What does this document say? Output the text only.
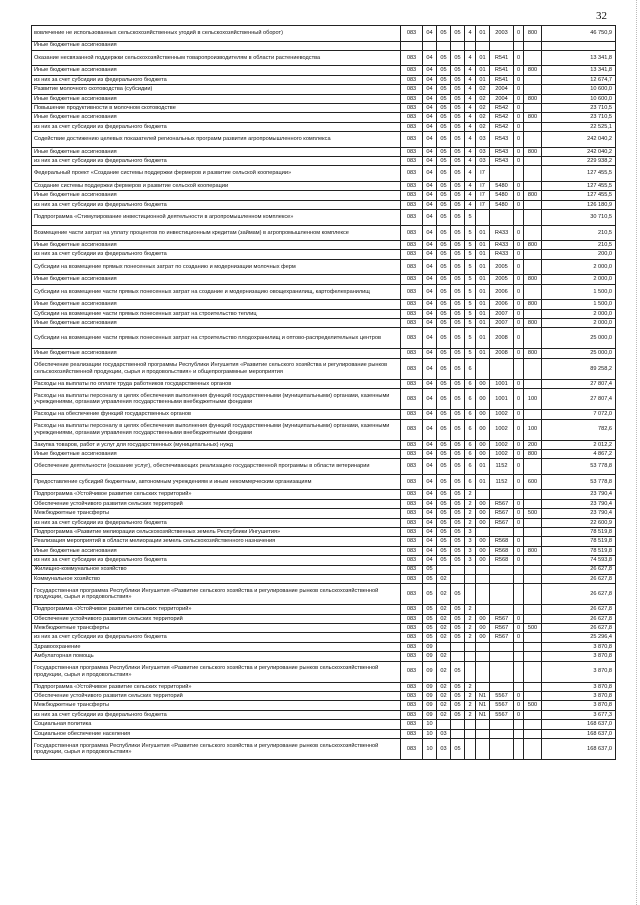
32
вовлечение не использованных сельскохозяйственных угодий в сельскохозяйственный оборот)	083	04	05	05	4	01	2003	0	800	46 750,9
Иные бюджетные ассигнования										
Оказание несвязанной поддержки сельскохозяйственным товаропроизводителям в области растениеводства	083	04	05	05	4	01	R541	0		13 341,8
Иные бюджетные ассигнования	083	04	05	05	4	01	R541	0	800	13 341,8
из них за счет субсидии из федерального бюджета	083	04	05	05	4	01	R541	0		12 674,7
Развитие молочного скотоводства (субсидии)	083	04	05	05	4	02	2004	0		10 600,0
Иные бюджетные ассигнования	083	04	05	05	4	02	2004	0	800	10 600,0
Повышение продуктивности в молочном скотоводстве	083	04	05	05	4	02	R542	0		23 710,5
Иные бюджетные ассигнования	083	04	05	05	4	02	R542	0	800	23 710,5
из них за счет субсидии из федерального бюджета	083	04	05	05	4	02	R542	0		22 525,1
Содействие достижению целевых показателей региональных программ развития агропромышленного комплекса	083	04	05	05	4	03	R543	0		242 040,2
Иные бюджетные ассигнования	083	04	05	05	4	03	R543	0	800	242 040,2
из них за счет субсидии из федерального бюджета	083	04	05	05	4	03	R543	0		229 938,2
Федеральный проект «Создание системы поддержки фермеров и развитие сельской кооперации»	083	04	05	05	4	I7				127 455,5
Создание системы поддержки фермеров и развитие сельской кооперации	083	04	05	05	4	I7	5480	0		127 455,5
Иные бюджетные ассигнования	083	04	05	05	4	I7	5480	0	800	127 455,5
из них за счет субсидии из федерального бюджета	083	04	05	05	4	I7	5480	0		126 180,9
Подпрограмма «Стимулирование инвестиционной деятельности в агропромышленном комплексе»	083	04	05	05	5					30 710,5
Возмещение части затрат на уплату процентов по инвестиционным кредитам (займам) в агропромышленном комплексе	083	04	05	05	5	01	R433	0		210,5
Иные бюджетные ассигнования	083	04	05	05	5	01	R433	0	800	210,5
из них за счет субсидии из федерального бюджета	083	04	05	05	5	01	R433	0		200,0
Субсидии на возмещение прямых понесенных затрат по созданию и модернизации молочных ферм	083	04	05	05	5	01	2005	0		2 000,0
Иные бюджетные ассигнования	083	04	05	05	5	01	2005	0	800	2 000,0
Субсидии на возмещение части прямых понесенных затрат на создание и модернизацию овощехранилищ, картофелехранилищ	083	04	05	05	5	01	2006	0		1 500,0
Иные бюджетные ассигнования	083	04	05	05	5	01	2006	0	800	1 500,0
Субсидии на возмещение части прямых понесенных затрат на строительство теплиц	083	04	05	05	5	01	2007	0		2 000,0
Иные бюджетные ассигнования	083	04	05	05	5	01	2007	0	800	2 000,0
Субсидии на возмещение части прямых понесенных затрат на строительство плодохранилищ и оптово-распределительных центров	083	04	05	05	5	01	2008	0		25 000,0
Иные бюджетные ассигнования	083	04	05	05	5	01	2008	0	800	25 000,0
Обеспечение реализации государственной программы Республики Ингушетия «Развитие сельского хозяйства и регулирование рынков сельскохозяйственной продукции, сырья и продовольствия» и общепрограммные мероприятия	083	04	05	05	6					89 258,2
Расходы на выплаты по оплате труда работников государственных органов	083	04	05	05	6	00	1001	0		27 807,4
Расходы на выплаты персоналу в целях обеспечения выполнения функций государственными (муниципальными) органами, казенными учреждениями, органами управления государственными внебюджетными фондами	083	04	05	05	6	00	1001	0	100	27 807,4
Расходы на обеспечение функций государственных органов	083	04	05	05	6	00	1002	0		7 072,0
Расходы на выплаты персоналу в целях обеспечения выполнения функций государственными (муниципальными) органами, казенными учреждениями, органами управления государственными внебюджетными фондами	083	04	05	05	6	00	1002	0	100	782,6
Закупка товаров, работ и услуг для государственных (муниципальных) нужд	083	04	05	05	6	00	1002	0	200	2 012,2
Иные бюджетные ассигнования	083	04	05	05	6	00	1002	0	800	4 867,2
Обеспечение деятельности (оказание услуг), обеспечивающих реализацию государственной программы в области ветеринарии	083	04	05	05	6	01	1152	0		53 778,8
Предоставление субсидий бюджетным, автономным учреждениям и иным некоммерческим организациям	083	04	05	05	6	01	1152	0	600	53 778,8
Подпрограмма «Устойчивое развитие сельских территорий»	083	04	05	05	2					23 790,4
Обеспечение устойчивого развития сельских территорий	083	04	05	05	2	00	R567	0		23 790,4
Межбюджетные трансферты	083	04	05	05	2	00	R567	0	500	23 790,4
из них за счет субсидии из федерального бюджета	083	04	05	05	2	00	R567	0		22 600,9
Подпрограмма «Развитие мелиорации сельскохозяйственных земель Республики Ингушетия»	083	04	05	05	3					78 519,8
Реализация мероприятий в области мелиорации земель сельскохозяйственного назначения	083	04	05	05	3	00	R568	0		78 519,8
Иные бюджетные ассигнования	083	04	05	05	3	00	R568	0	800	78 519,8
из них за счет субсидии из федерального бюджета	083	04	05	05	3	00	R568	0		74 593,8
Жилищно-коммунальное хозяйство	083	05								26 627,8
Коммунальное хозяйство	083	05	02							26 627,8
Государственная программа Республики Ингушетия «Развитие сельского хозяйства и регулирование рынков сельскохозяйственной продукции, сырья и продовольствия»	083	05	02	05						26 627,8
Подпрограмма «Устойчивое развитие сельских территорий»	083	05	02	05	2					26 627,8
Обеспечение устойчивого развития сельских территорий	083	05	02	05	2	00	R567	0		26 627,8
Межбюджетные трансферты	083	05	02	05	2	00	R567	0	500	26 627,8
из них за счет субсидии из федерального бюджета	083	05	02	05	2	00	R567	0		25 296,4
Здравоохранение	083	09								3 870,8
Амбулаторная помощь	083	09	02							3 870,8
Государственная программа Республики Ингушетия «Развитие сельского хозяйства и регулирование рынков сельскохозяйственной продукции, сырья и продовольствия»	083	09	02	05						3 870,8
Подпрограмма «Устойчивое развитие сельских территорий»	083	09	02	05	2					3 870,8
Обеспечение устойчивого развития сельских территорий	083	09	02	05	2	N1	5567	0		3 870,8
Межбюджетные трансферты	083	09	02	05	2	N1	5567	0	500	3 870,8
из них за счет субсидии из федерального бюджета	083	09	02	05	2	N1	5567	0		3 677,3
Социальная политика	083	10								168 637,0
Социальное обеспечение населения	083	10	03							168 637,0
Государственная программа Республики Ингушетия «Развитие сельского хозяйства и регулирование рынков сельскохозяйственной продукции, сырья и продовольствия»	083	10	03	05						168 637,0
